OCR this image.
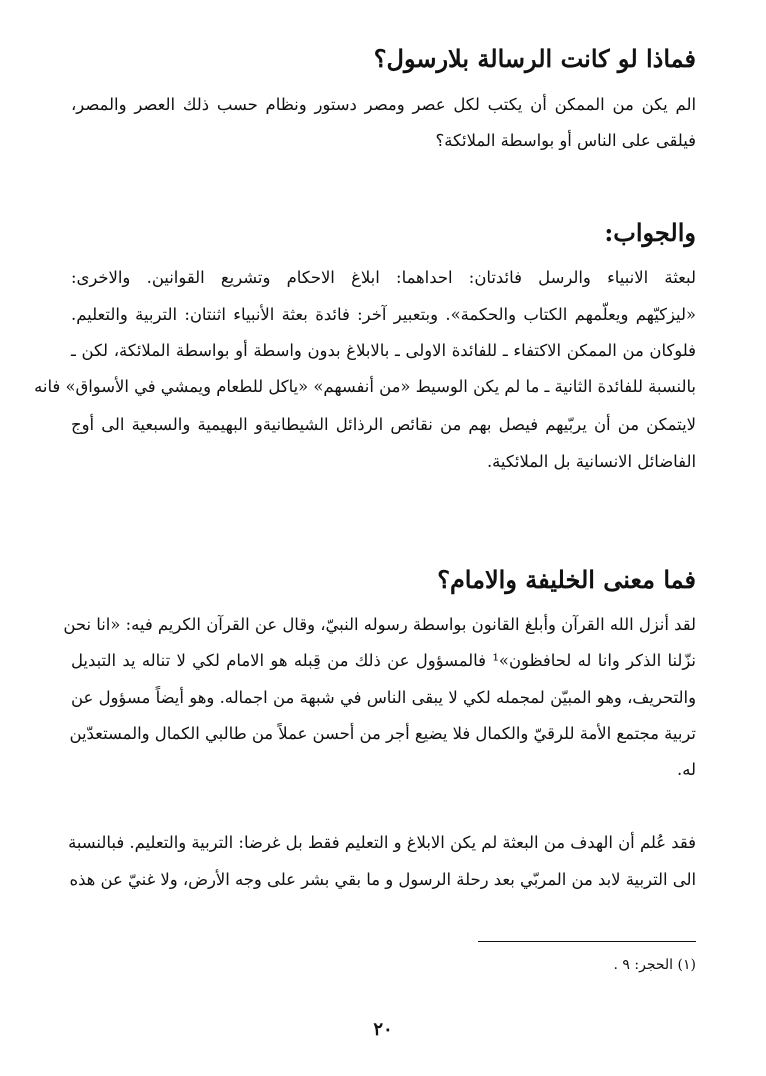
فماذا لو كانت الرسالة بلارسول؟
الم يكن من الممكن أن يكتب لكل عصر ومصر دستور ونظام حسب ذلك العصر والمصر،
فيلقى على الناس أو بواسطة الملائكة؟
والجواب:
لبعثة الانبياء والرسل فائدتان: احداهما: ابلاغ الاحكام وتشريع القوانين. والاخرى:
«ليزكيّهم ويعلّمهم الكتاب والحكمة». وبتعبير آخر: فائدة بعثة الأنبياء اثنتان: التربية والتعليم.
فلوكان من الممكن الاكتفاء ـ للفائدة الاولى ـ بالابلاغ بدون واسطة أو بواسطة الملائكة، لكن ـ
بالنسبة للفائدة الثانية ـ ما لم يكن الوسيط «من أنفسهم» «ياكل للطعام ويمشي في الأسواق» فانه
لايتمكن من أن يربّيهم فيصل بهم من نقائص الرذائل الشيطانيةو البهيمية والسبعية الى أوج
الفاضائل الانسانية بل الملائكية.
فما معنى الخليفة والامام؟
لقد أنزل الله القرآن وأبلغ القانون بواسطة رسوله النبيّ، وقال عن القرآن الكريم فيه: «انا نحن
نزّلنا الذكر وانا له لحافظون»¹ فالمسؤول عن ذلك من قِبله هو الامام لكي لا تناله يد التبديل
والتحريف، وهو المبيّن لمجمله لكي لا يبقى الناس في شبهة من اجماله. وهو أيضاً مسؤول عن
تربية مجتمع الأمة للرقيّ والكمال فلا يضيع أجر من أحسن عملاً من طالبي الكمال والمستعدّين
له.
فقد عُلم أن الهدف من البعثة لم يكن الابلاغ و التعليم فقط بل غرضا: التربية والتعليم. فبالنسبة
الى التربية لابد من المربّي بعد رحلة الرسول و ما بقي بشر على وجه الأرض، ولا غنيّ عن هذه
(١) الحجر: ٩ .
٢٠
